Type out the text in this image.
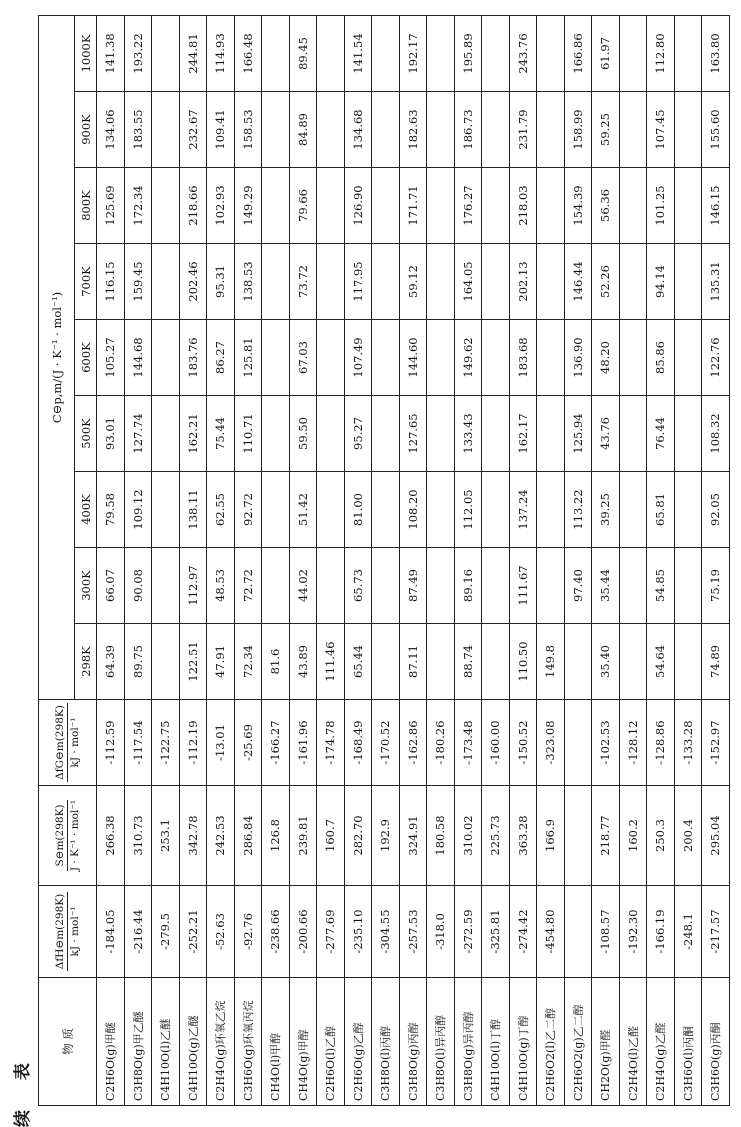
续 表
物 质	ΔfH⊖m(298K) kJ · mol⁻¹	S⊖m(298K) J · K⁻¹ · mol⁻¹	ΔfG⊖m(298K) kJ · mol⁻¹	C⊖p,m/(J · K⁻¹ · mol⁻¹)								
				298K	300K	400K	500K	600K	700K	800K	900K	1000K
C2H6O(g)甲醚	-184.05	266.38	-112.59	64.39	66.07	79.58	93.01	105.27	116.15	125.69	134.06	141.38
C3H8O(g)甲乙醚	-216.44	310.73	-117.54	89.75	90.08	109.12	127.74	144.68	159.45	172.34	183.55	193.22
C4H10O(l)乙醚	-279.5	253.1	-122.75									
C4H10O(g)乙醚	-252.21	342.78	-112.19	122.51	112.97	138.11	162.21	183.76	202.46	218.66	232.67	244.81
C2H4O(g)环氧乙烷	-52.63	242.53	-13.01	47.91	48.53	62.55	75.44	86.27	95.31	102.93	109.41	114.93
C3H6O(g)环氧丙烷	-92.76	286.84	-25.69	72.34	72.72	92.72	110.71	125.81	138.53	149.29	158.53	166.48
CH4O(l)甲醇	-238.66	126.8	-166.27	81.6								
CH4O(g)甲醇	-200.66	239.81	-161.96	43.89	44.02	51.42	59.50	67.03	73.72	79.66	84.89	89.45
C2H6O(l)乙醇	-277.69	160.7	-174.78	111.46								
C2H6O(g)乙醇	-235.10	282.70	-168.49	65.44	65.73	81.00	95.27	107.49	117.95	126.90	134.68	141.54
C3H8O(l)丙醇	-304.55	192.9	-170.52									
C3H8O(g)丙醇	-257.53	324.91	-162.86	87.11	87.49	108.20	127.65	144.60	59.12	171.71	182.63	192.17
C3H8O(l)异丙醇	-318.0	180.58	-180.26									
C3H8O(g)异丙醇	-272.59	310.02	-173.48	88.74	89.16	112.05	133.43	149.62	164.05	176.27	186.73	195.89
C4H10O(l)丁醇	-325.81	225.73	-160.00									
C4H10O(g)丁醇	-274.42	363.28	-150.52	110.50	111.67	137.24	162.17	183.68	202.13	218.03	231.79	243.76
C2H6O2(l)乙二醇	-454.80	166.9	-323.08	149.8								
C2H6O2(g)乙二醇					97.40	113.22	125.94	136.90	146.44	154.39	158.99	166.86
CH2O(g)甲醛	-108.57	218.77	-102.53	35.40	35.44	39.25	43.76	48.20	52.26	56.36	59.25	61.97
C2H4O(l)乙醛	-192.30	160.2	-128.12									
C2H4O(g)乙醛	-166.19	250.3	-128.86	54.64	54.85	65.81	76.44	85.86	94.14	101.25	107.45	112.80
C3H6O(l)丙酮	-248.1	200.4	-133.28									
C3H6O(g)丙酮	-217.57	295.04	-152.97	74.89	75.19	92.05	108.32	122.76	135.31	146.15	155.60	163.80
